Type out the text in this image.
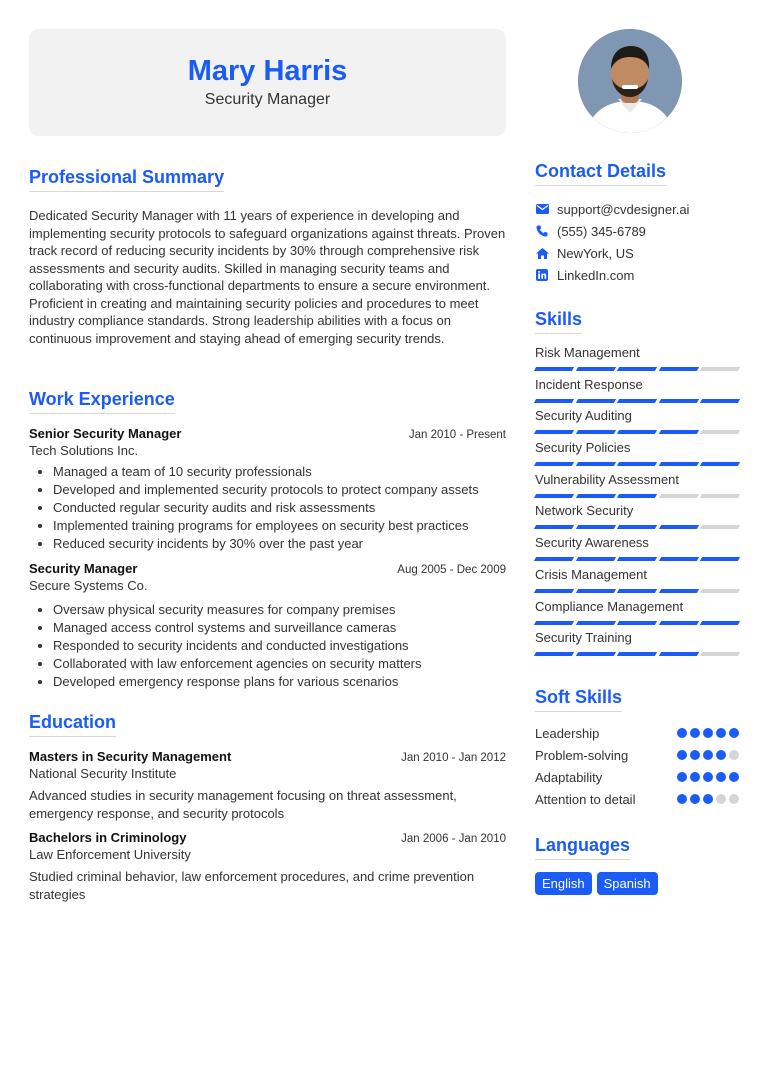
Mary Harris
Security Manager
Professional Summary

Dedicated Security Manager with 11 years of experience in developing and implementing security protocols to safeguard organizations against threats. Proven track record of reducing security incidents by 30% through comprehensive risk assessments and security audits. Skilled in managing security teams and collaborating with cross-functional departments to ensure a secure environment. Proficient in creating and maintaining security policies and procedures to meet industry compliance standards. Strong leadership abilities with a focus on continuous improvement and staying ahead of emerging security trends.

Work Experience
Senior Security Manager	Jan 2010 - Present
Tech Solutions Inc.
• Managed a team of 10 security professionals
• Developed and implemented security protocols to protect company assets
• Conducted regular security audits and risk assessments
• Implemented training programs for employees on security best practices
• Reduced security incidents by 30% over the past year
Security Manager	Aug 2005 - Dec 2009
Secure Systems Co.
• Oversaw physical security measures for company premises
• Managed access control systems and surveillance cameras
• Responded to security incidents and conducted investigations
• Collaborated with law enforcement agencies on security matters
• Developed emergency response plans for various scenarios
Education
Masters in Security Management	Jan 2010 - Jan 2012
National Security Institute

Advanced studies in security management focusing on threat assessment, emergency response, and security protocols

Bachelors in Criminology	Jan 2006 - Jan 2010
Law Enforcement University

Studied criminal behavior, law enforcement procedures, and crime prevention strategies

Contact Details
support@cvdesigner.ai
(555) 345-6789
NewYork, US
LinkedIn.com
Skills
Risk Management
Incident Response
Security Auditing
Security Policies
Vulnerability Assessment
Network Security
Security Awareness
Crisis Management
Compliance Management
Security Training
Soft Skills
Leadership
Problem-solving
Adaptability
Attention to detail
Languages
English	Spanish
